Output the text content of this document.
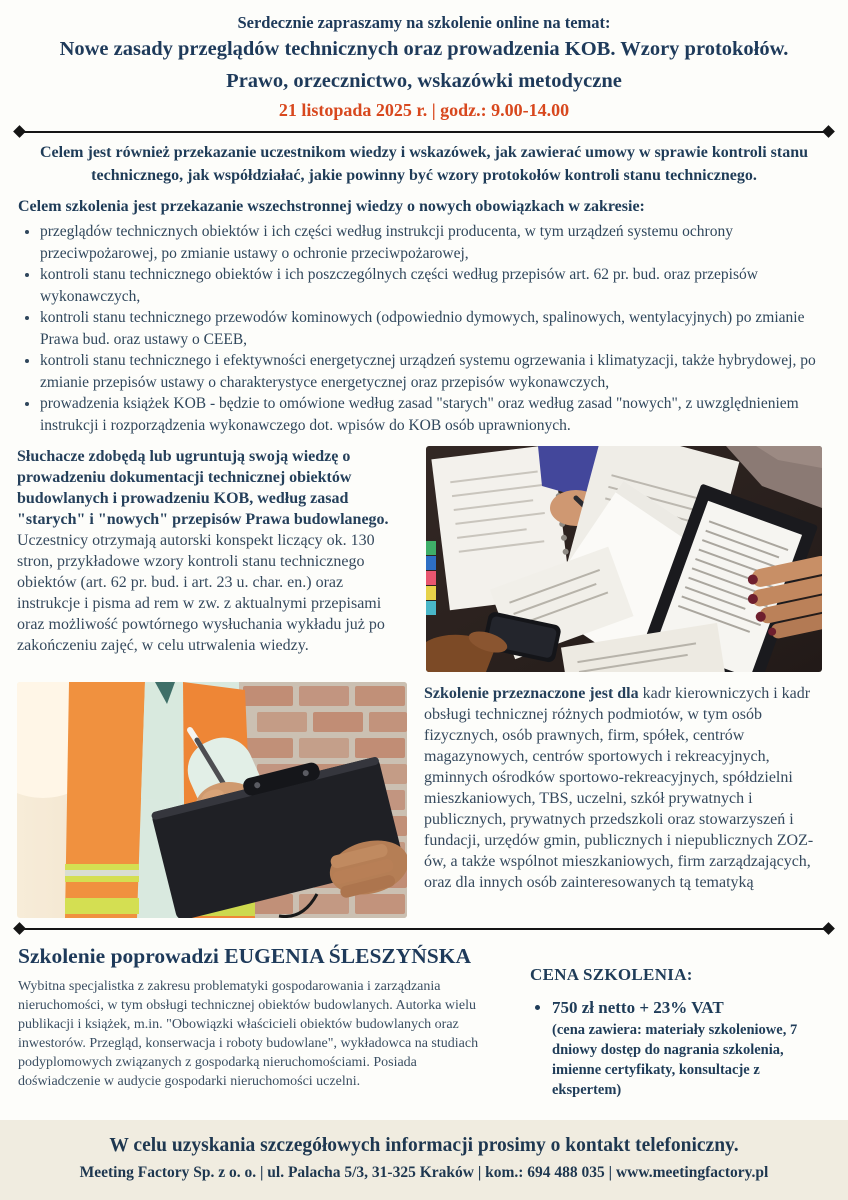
Serdecznie zapraszamy na szkolenie online na temat:
Nowe zasady przeglądów technicznych oraz prowadzenia KOB. Wzory protokołów.
Prawo, orzecznictwo, wskazówki metodyczne
21 listopada 2025 r. | godz.: 9.00-14.00
Celem jest również przekazanie uczestnikom wiedzy i wskazówek, jak zawierać umowy w sprawie kontroli stanu technicznego, jak współdziałać, jakie powinny być wzory protokołów kontroli stanu technicznego.
Celem szkolenia jest przekazanie wszechstronnej wiedzy o nowych obowiązkach w zakresie:
• przeglądów technicznych obiektów i ich części według instrukcji producenta, w tym urządzeń systemu ochrony przeciwpożarowej, po zmianie ustawy o ochronie przeciwpożarowej,
• kontroli stanu technicznego obiektów i ich poszczególnych części według przepisów art. 62 pr. bud. oraz przepisów wykonawczych,
• kontroli stanu technicznego przewodów kominowych (odpowiednio dymowych, spalinowych, wentylacyjnych) po zmianie Prawa bud. oraz ustawy o CEEB,
• kontroli stanu technicznego i efektywności energetycznej urządzeń systemu ogrzewania i klimatyzacji, także hybrydowej, po zmianie przepisów ustawy o charakterystyce energetycznej oraz przepisów wykonawczych,
• prowadzenia książek KOB - będzie to omówione według zasad "starych" oraz według zasad "nowych", z uwzględnieniem instrukcji i rozporządzenia wykonawczego dot. wpisów do KOB osób uprawnionych.
Słuchacze zdobędą lub ugruntują swoją wiedzę o prowadzeniu dokumentacji technicznej obiektów budowlanych i prowadzeniu KOB, według zasad "starych" i "nowych" przepisów Prawa budowlanego. Uczestnicy otrzymają autorski konspekt liczący ok. 130 stron, przykładowe wzory kontroli stanu technicznego obiektów (art. 62 pr. bud. i art. 23 u. char. en.) oraz instrukcje i pisma ad rem w zw. z aktualnymi przepisami oraz możliwość powtórnego wysłuchania wykładu już po zakończeniu zajęć, w celu utrwalenia wiedzy.
Szkolenie przeznaczone jest dla kadr kierowniczych i kadr obsługi technicznej różnych podmiotów, w tym osób fizycznych, osób prawnych, firm, spółek, centrów magazynowych, centrów sportowych i rekreacyjnych, gminnych ośrodków sportowo-rekreacyjnych, spółdzielni mieszkaniowych, TBS, uczelni, szkół prywatnych i publicznych, prywatnych przedszkoli oraz stowarzyszeń i fundacji, urzędów gmin, publicznych i niepublicznych ZOZ-ów, a także wspólnot mieszkaniowych, firm zarządzających, oraz dla innych osób zainteresowanych tą tematyką
Szkolenie poprowadzi EUGENIA ŚLESZYŃSKA
Wybitna specjalistka z zakresu problematyki gospodarowania i zarządzania nieruchomości, w tym obsługi technicznej obiektów budowlanych. Autorka wielu publikacji i książek, m.in. "Obowiązki właścicieli obiektów budowlanych oraz inwestorów. Przegląd, konserwacja i roboty budowlane", wykładowca na studiach podyplomowych związanych z gospodarką nieruchomościami. Posiada doświadczenie w audycie gospodarki nieruchomości uczelni.
CENA SZKOLENIA:
• 750 zł netto + 23% VAT
(cena zawiera: materiały szkoleniowe, 7 dniowy dostęp do nagrania szkolenia, imienne certyfikaty, konsultacje z ekspertem)
W celu uzyskania szczegółowych informacji prosimy o kontakt telefoniczny.
Meeting Factory Sp. z o. o. | ul. Palacha 5/3, 31-325 Kraków | kom.: 694 488 035 | www.meetingfactory.pl
